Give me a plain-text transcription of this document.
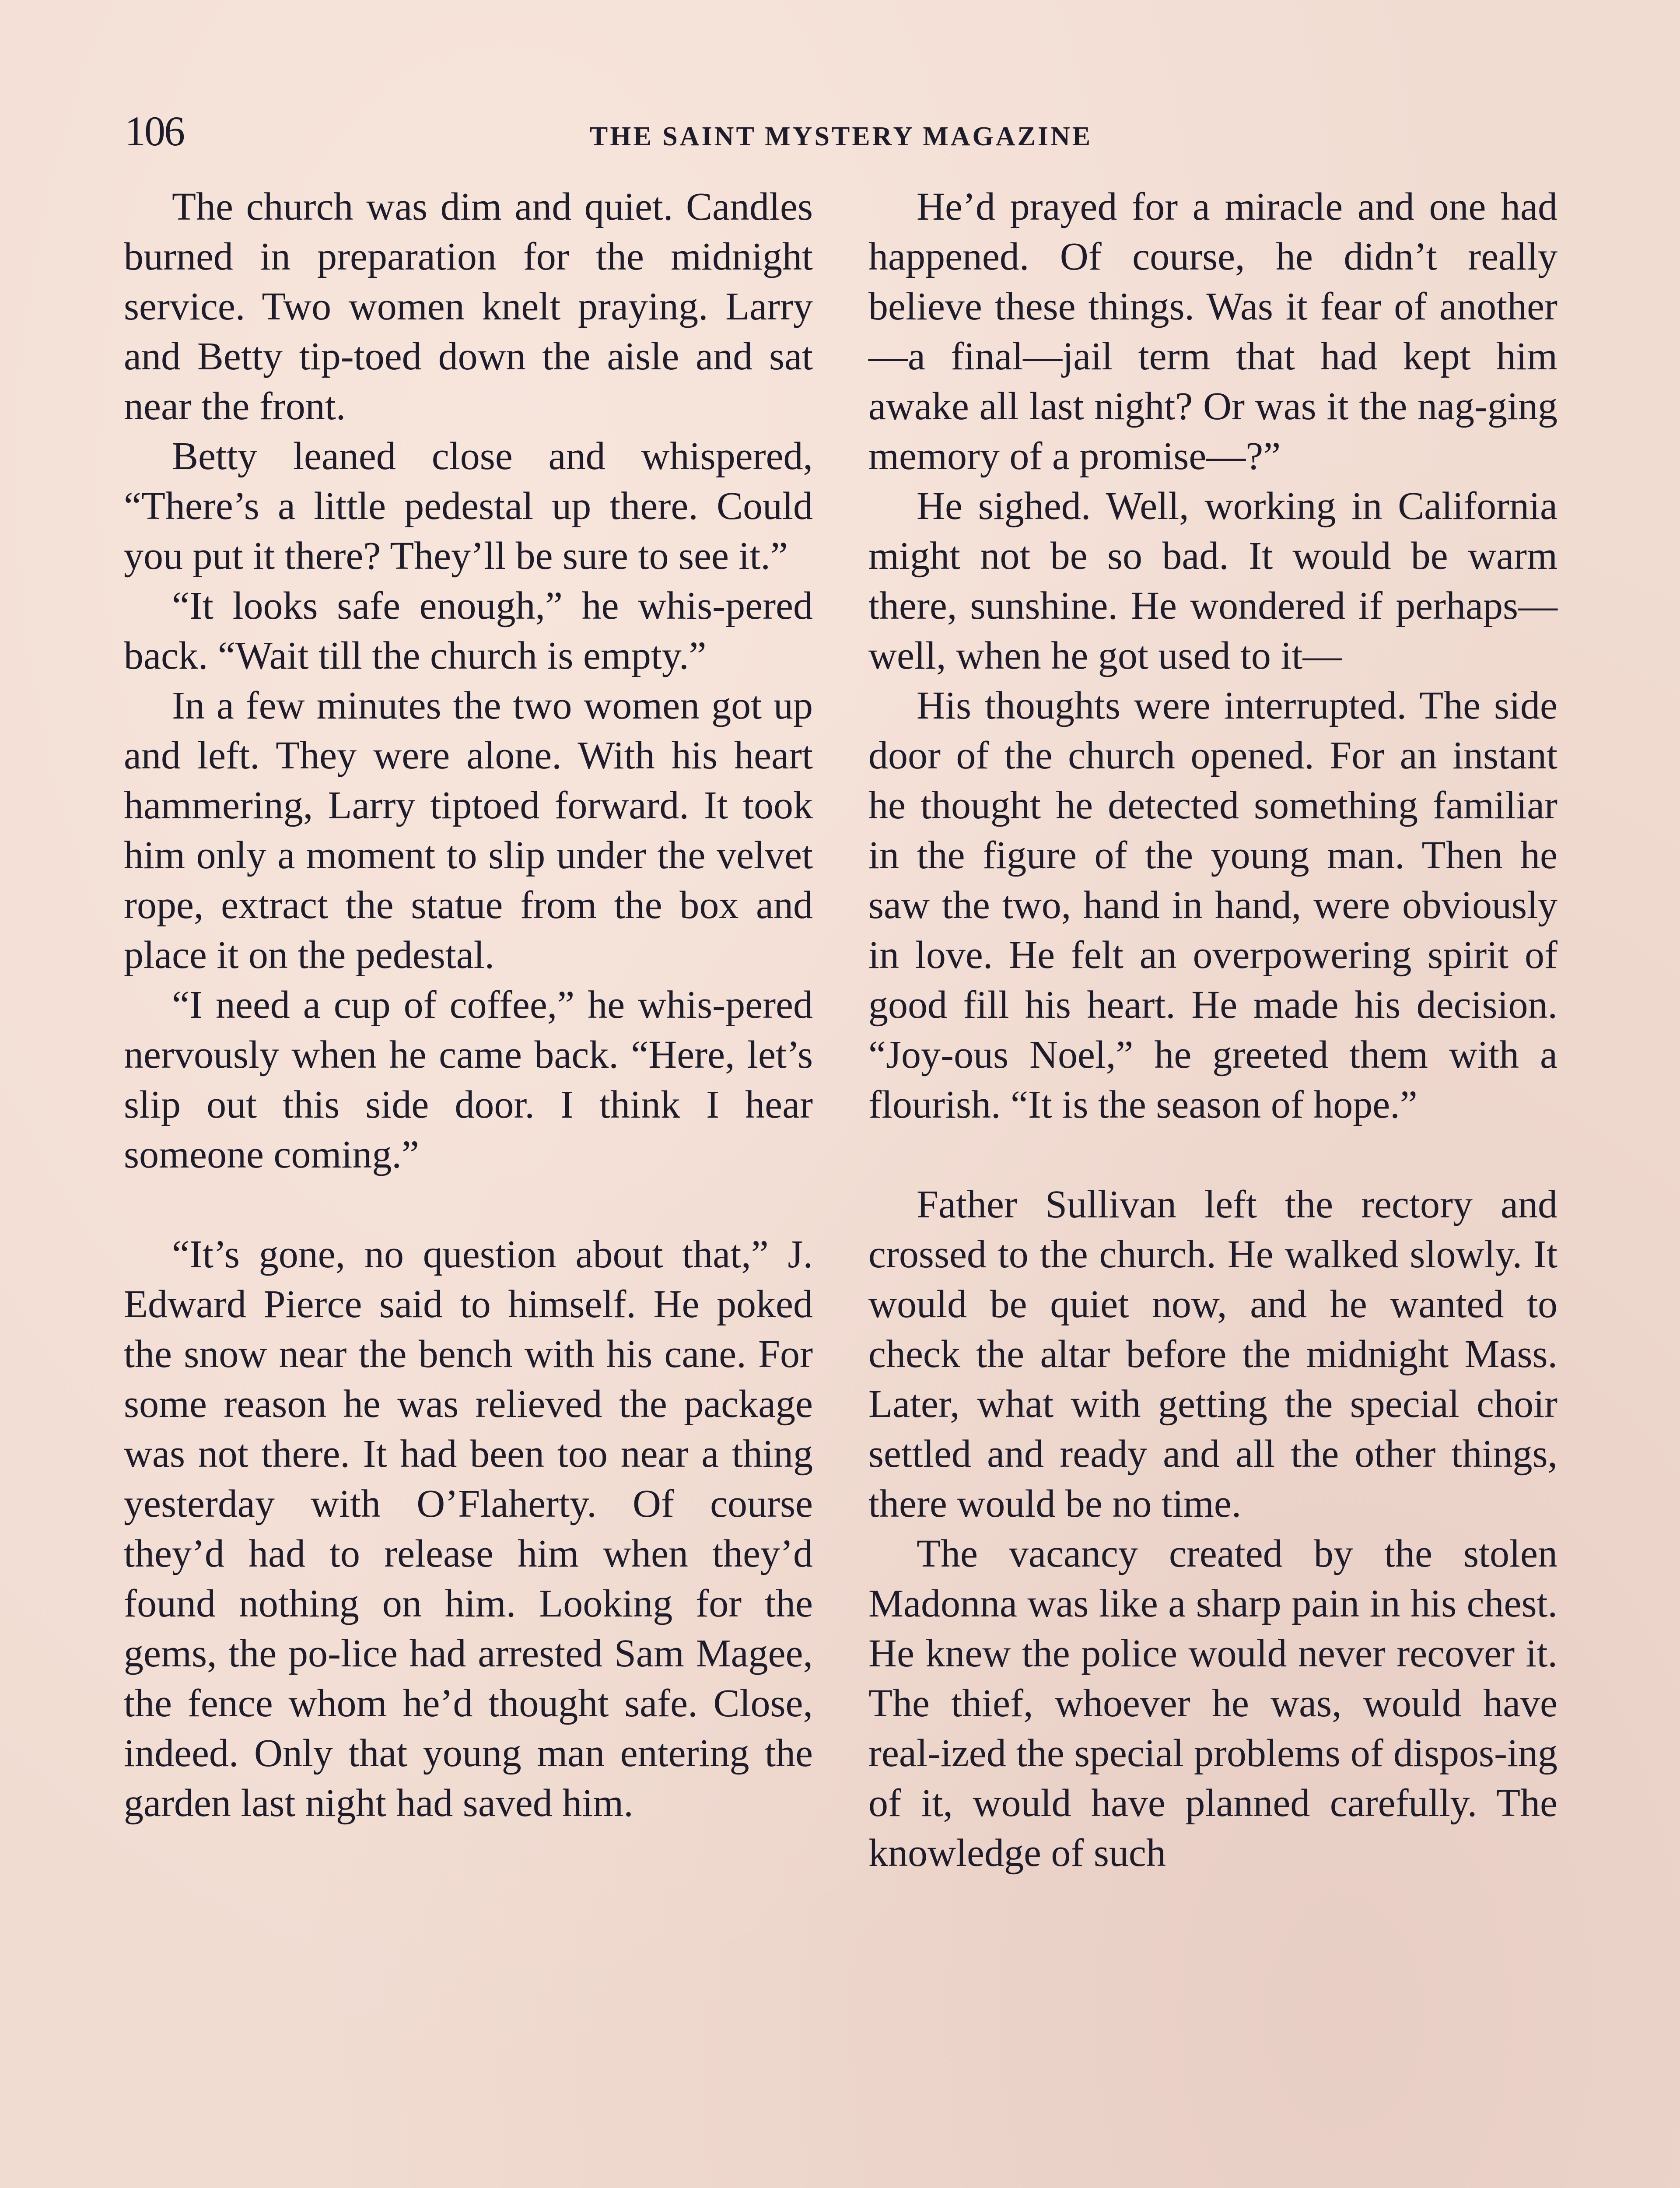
106	THE SAINT MYSTERY MAGAZINE

The church was dim and quiet. Candles burned in preparation for the midnight service. Two women knelt praying. Larry and Betty tip-toed down the aisle and sat near the front.

Betty leaned close and whispered, “There’s a little pedestal up there. Could you put it there? They’ll be sure to see it.”

“It looks safe enough,” he whis-pered back. “Wait till the church is empty.”

In a few minutes the two women got up and left. They were alone. With his heart hammering, Larry tiptoed forward. It took him only a moment to slip under the velvet rope, extract the statue from the box and place it on the pedestal.

“I need a cup of coffee,” he whis-pered nervously when he came back. “Here, let’s slip out this side door. I think I hear someone coming.”

“It’s gone, no question about that,” J. Edward Pierce said to himself. He poked the snow near the bench with his cane. For some reason he was relieved the package was not there. It had been too near a thing yesterday with O’Flaherty. Of course they’d had to release him when they’d found nothing on him. Looking for the gems, the po-lice had arrested Sam Magee, the fence whom he’d thought safe. Close, indeed. Only that young man entering the garden last night had saved him.

He’d prayed for a miracle and one had happened. Of course, he didn’t really believe these things. Was it fear of another—a final—jail term that had kept him awake all last night? Or was it the nag-ging memory of a promise—?”

He sighed. Well, working in California might not be so bad. It would be warm there, sunshine. He wondered if perhaps—well, when he got used to it—

His thoughts were interrupted. The side door of the church opened. For an instant he thought he detected something familiar in the figure of the young man. Then he saw the two, hand in hand, were obviously in love. He felt an overpowering spirit of good fill his heart. He made his decision. “Joy-ous Noel,” he greeted them with a flourish. “It is the season of hope.”

Father Sullivan left the rectory and crossed to the church. He walked slowly. It would be quiet now, and he wanted to check the altar before the midnight Mass. Later, what with getting the special choir settled and ready and all the other things, there would be no time.

The vacancy created by the stolen Madonna was like a sharp pain in his chest. He knew the police would never recover it. The thief, whoever he was, would have real-ized the special problems of dispos-ing of it, would have planned carefully. The knowledge of such
